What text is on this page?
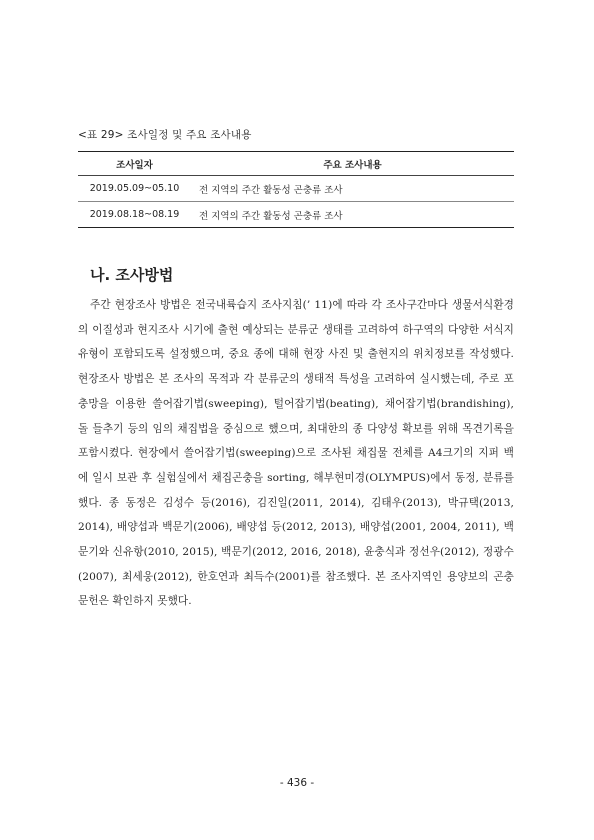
<표 29> 조사일정 및 주요 조사내용
조사일자	주요 조사내용
2019.05.09~05.10	전 지역의 주간 활동성 곤충류 조사
2019.08.18~08.19	전 지역의 주간 활동성 곤충류 조사
나. 조사방법

주간 현장조사 방법은 전국내륙습지 조사지침(’ 11)에 따라 각 조사구간마다 생물서식환경의 이질성과 현지조사 시기에 출현 예상되는 분류군 생태를 고려하여 하구역의 다양한 서식지 유형이 포함되도록 설정했으며, 중요 종에 대해 현장 사진 및 출현지의 위치정보를 작성했다. 현장조사 방법은 본 조사의 목적과 각 분류군의 생태적 특성을 고려하여 실시했는데, 주로 포충망을 이용한 쓸어잡기법(sweeping), 털어잡기법(beating), 채어잡기법(brandishing), 돌 들추기 등의 임의 채집법을 중심으로 했으며, 최대한의 종 다양성 확보를 위해 목견기록을 포함시켰다. 현장에서 쓸어잡기법(sweeping)으로 조사된 채집물 전체를 A4크기의 지퍼 백에 일시 보관 후 실험실에서 채집곤충을 sorting, 해부현미경(OLYMPUS)에서 동정, 분류를 했다. 종 동정은 김성수 등(2016), 김진일(2011, 2014), 김태우(2013), 박규택(2013, 2014), 배양섭과 백문기(2006), 배양섭 등(2012, 2013), 배양섭(2001, 2004, 2011), 백문기와 신유항(2010, 2015), 백문기(2012, 2016, 2018), 윤충식과 정선우(2012), 정광수(2007), 최세웅(2012), 한호연과 최득수(2001)를 참조했다. 본 조사지역인 용양보의 곤충 문헌은 확인하지 못했다.

- 436 -
